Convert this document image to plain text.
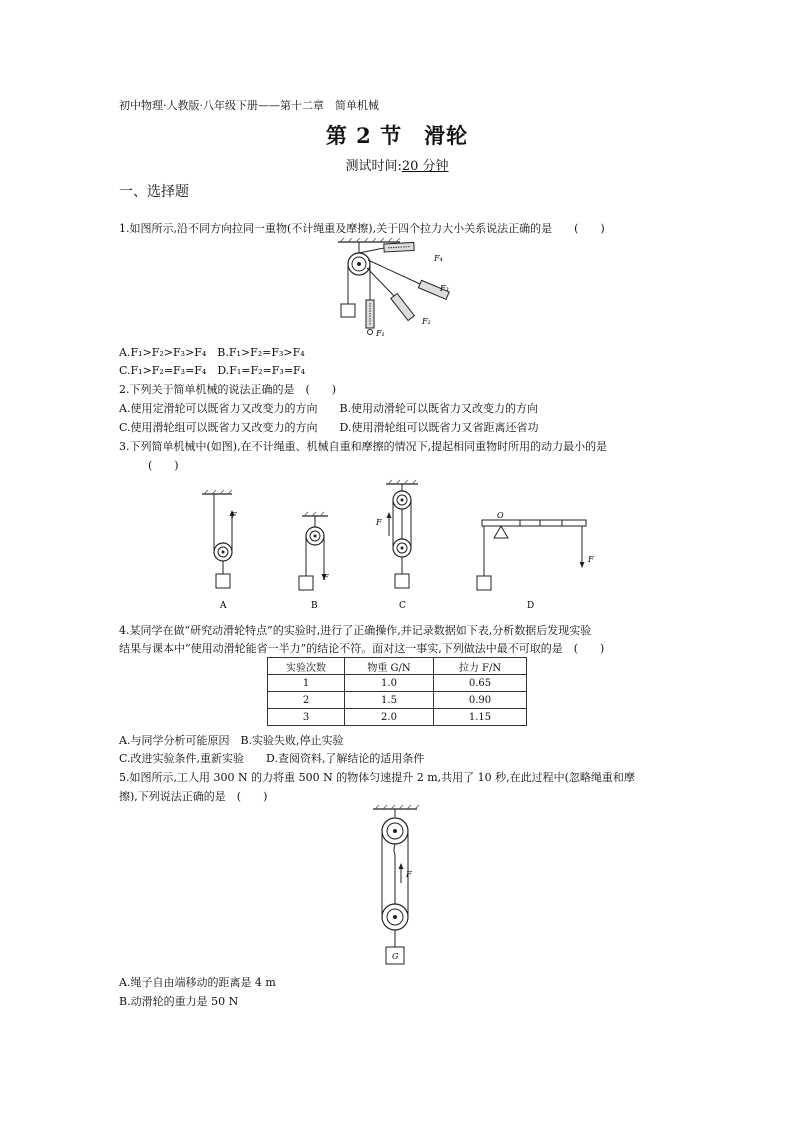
初中物理·人教版·八年级下册——第十二章　简单机械
第 2 节　滑轮
测试时间:20 分钟
一、选择题
1.如图所示,沿不同方向拉同一重物(不计绳重及摩擦),关于四个拉力大小关系说法正确的是　　(　　)
F₄
F₃
F₂
F₁
A.F₁>F₂>F₃>F₄　B.F₁>F₂=F₃>F₄
C.F₁>F₂=F₃=F₄　D.F₁=F₂=F₃=F₄
2.下列关于简单机械的说法正确的是　(　　)
A.使用定滑轮可以既省力又改变力的方向　　B.使用动滑轮可以既省力又改变力的方向
C.使用滑轮组可以既省力又改变力的方向　　D.使用滑轮组可以既省力又省距离还省功
3.下列简单机械中(如图),在不计绳重、机械自重和摩擦的情况下,提起相同重物时所用的动力最小的是
(　　)
F
A
F
B
F
C
O
F
D
4.某同学在做“研究动滑轮特点”的实验时,进行了正确操作,并记录数据如下表,分析数据后发现实验
结果与课本中“使用动滑轮能省一半力”的结论不符。面对这一事实,下列做法中最不可取的是　(　　)
实验次数	物重 G/N	拉力 F/N
1	1.0	0.65
2	1.5	0.90
3	2.0	1.15
A.与同学分析可能原因　B.实验失败,停止实验
C.改进实验条件,重新实验　　D.查阅资料,了解结论的适用条件
5.如图所示,工人用 300 N 的力将重 500 N 的物体匀速提升 2 m,共用了 10 秒,在此过程中(忽略绳重和摩
擦),下列说法正确的是　(　　)
F
G
A.绳子自由端移动的距离是 4 m
B.动滑轮的重力是 50 N
